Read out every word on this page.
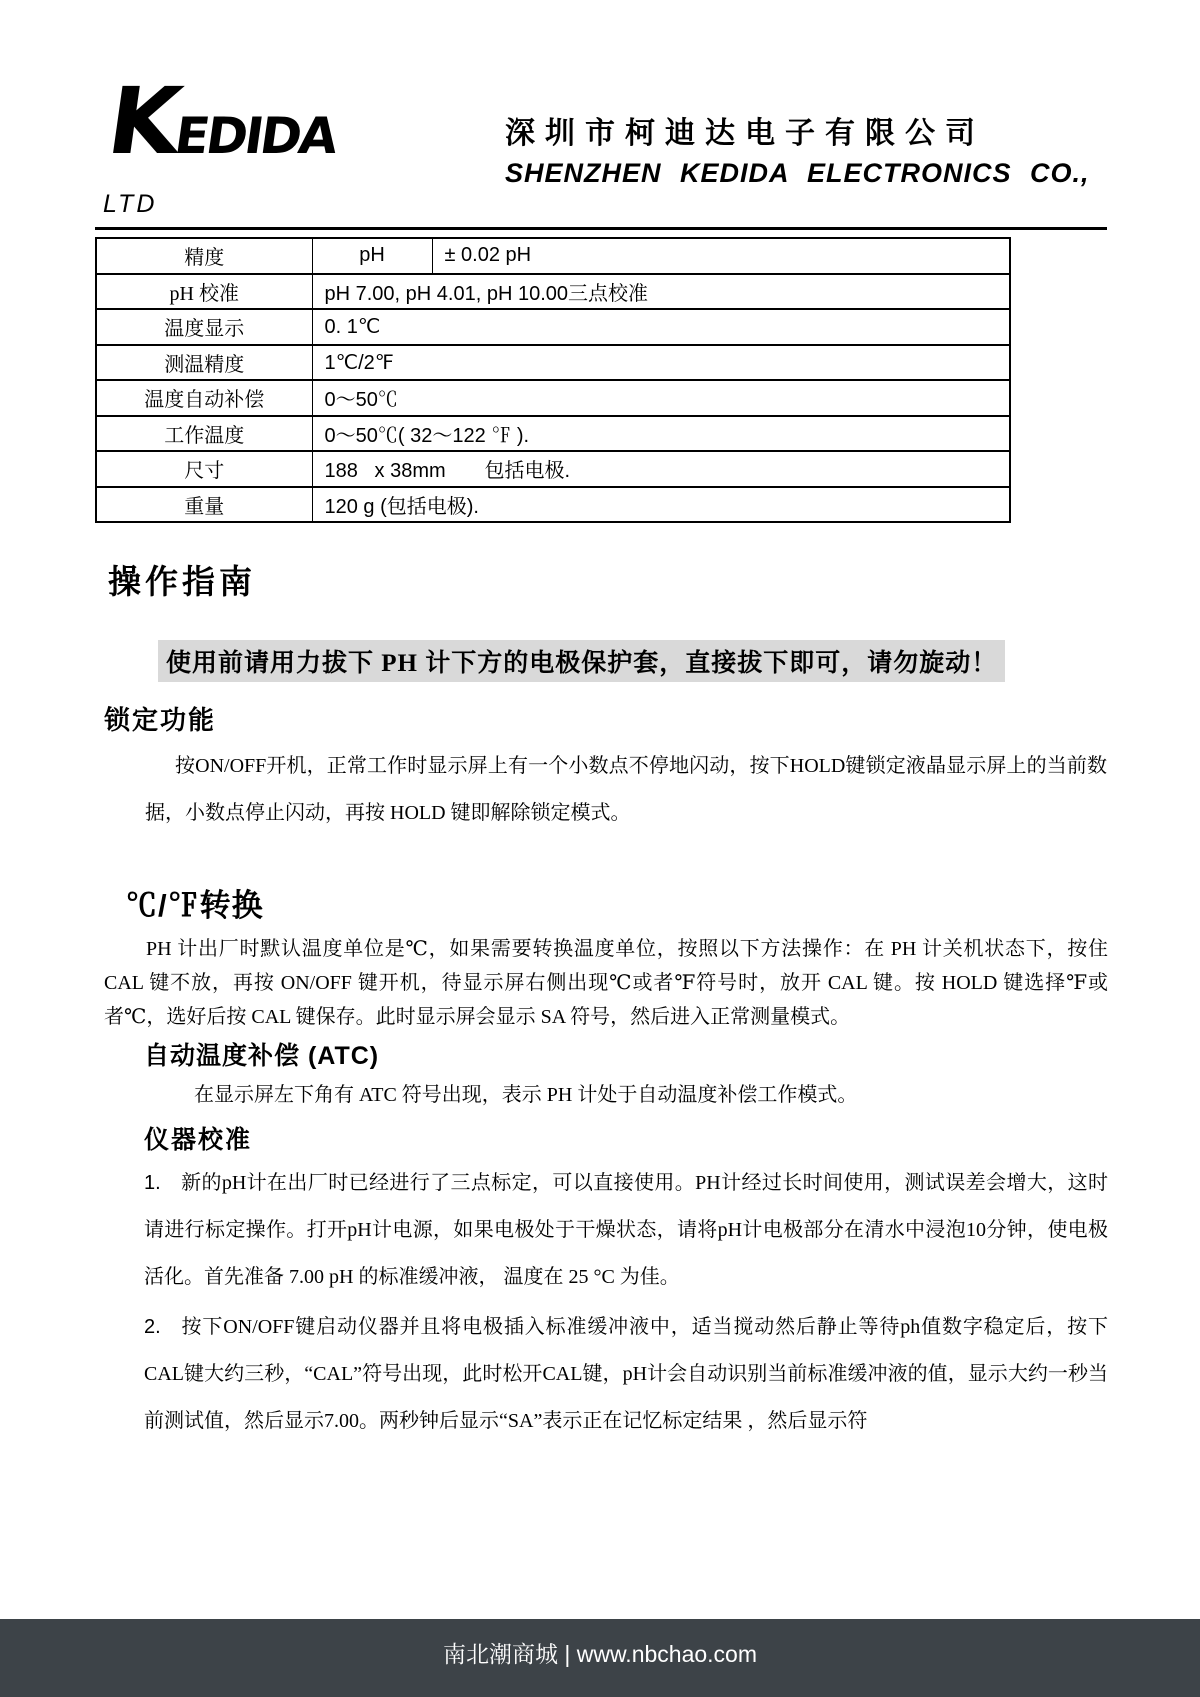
KEDIDA	深圳市柯迪达电子有限公司
SHENZHEN KEDIDA ELECTRONICS CO.,
LTD
精度	pH	± 0.02 pH
pH 校准	pH 7.00, pH 4.01, pH 10.00三点校准	
温度显示	0. 1℃	
测温精度	1℃/2℉	
温度自动补偿	0～50℃	
工作温度	0～50℃( 32～122 ℉ ).	
尺寸	188   x 38mm       包括电极.	
重量	120 g (包括电极).	
操作指南
使用前请用力拔下 PH 计下方的电极保护套，直接拔下即可，请勿旋动！
锁定功能

按ON/OFF开机，正常工作时显示屏上有一个小数点不停地闪动，按下HOLD键锁定液晶显示屏上的当前数据，小数点停止闪动，再按 HOLD 键即解除锁定模式。

℃/℉转换

PH 计出厂时默认温度单位是℃，如果需要转换温度单位，按照以下方法操作：在 PH 计关机状态下，按住 CAL 键不放，再按 ON/OFF 键开机，待显示屏右侧出现℃或者℉符号时，放开 CAL 键。按 HOLD 键选择℉或者℃，选好后按 CAL 键保存。此时显示屏会显示 SA 符号，然后进入正常测量模式。

自动温度补偿 (ATC)

在显示屏左下角有 ATC 符号出现，表示 PH 计处于自动温度补偿工作模式。

仪器校准

1. 新的pH计在出厂时已经进行了三点标定，可以直接使用。PH计经过长时间使用，测试误差会增大，这时请进行标定操作。打开pH计电源，如果电极处于干燥状态，请将pH计电极部分在清水中浸泡10分钟，使电极活化。首先准备 7.00 pH 的标准缓冲液， 温度在 25 °C 为佳。

2. 按下ON/OFF键启动仪器并且将电极插入标准缓冲液中，适当搅动然后静止等待ph值数字稳定后，按下CAL键大约三秒，“CAL”符号出现，此时松开CAL键，pH计会自动识别当前标准缓冲液的值，显示大约一秒当前测试值，然后显示7.00。两秒钟后显示“SA”表示正在记忆标定结果 ，然后显示符

南北潮商城 | www.nbchao.com
